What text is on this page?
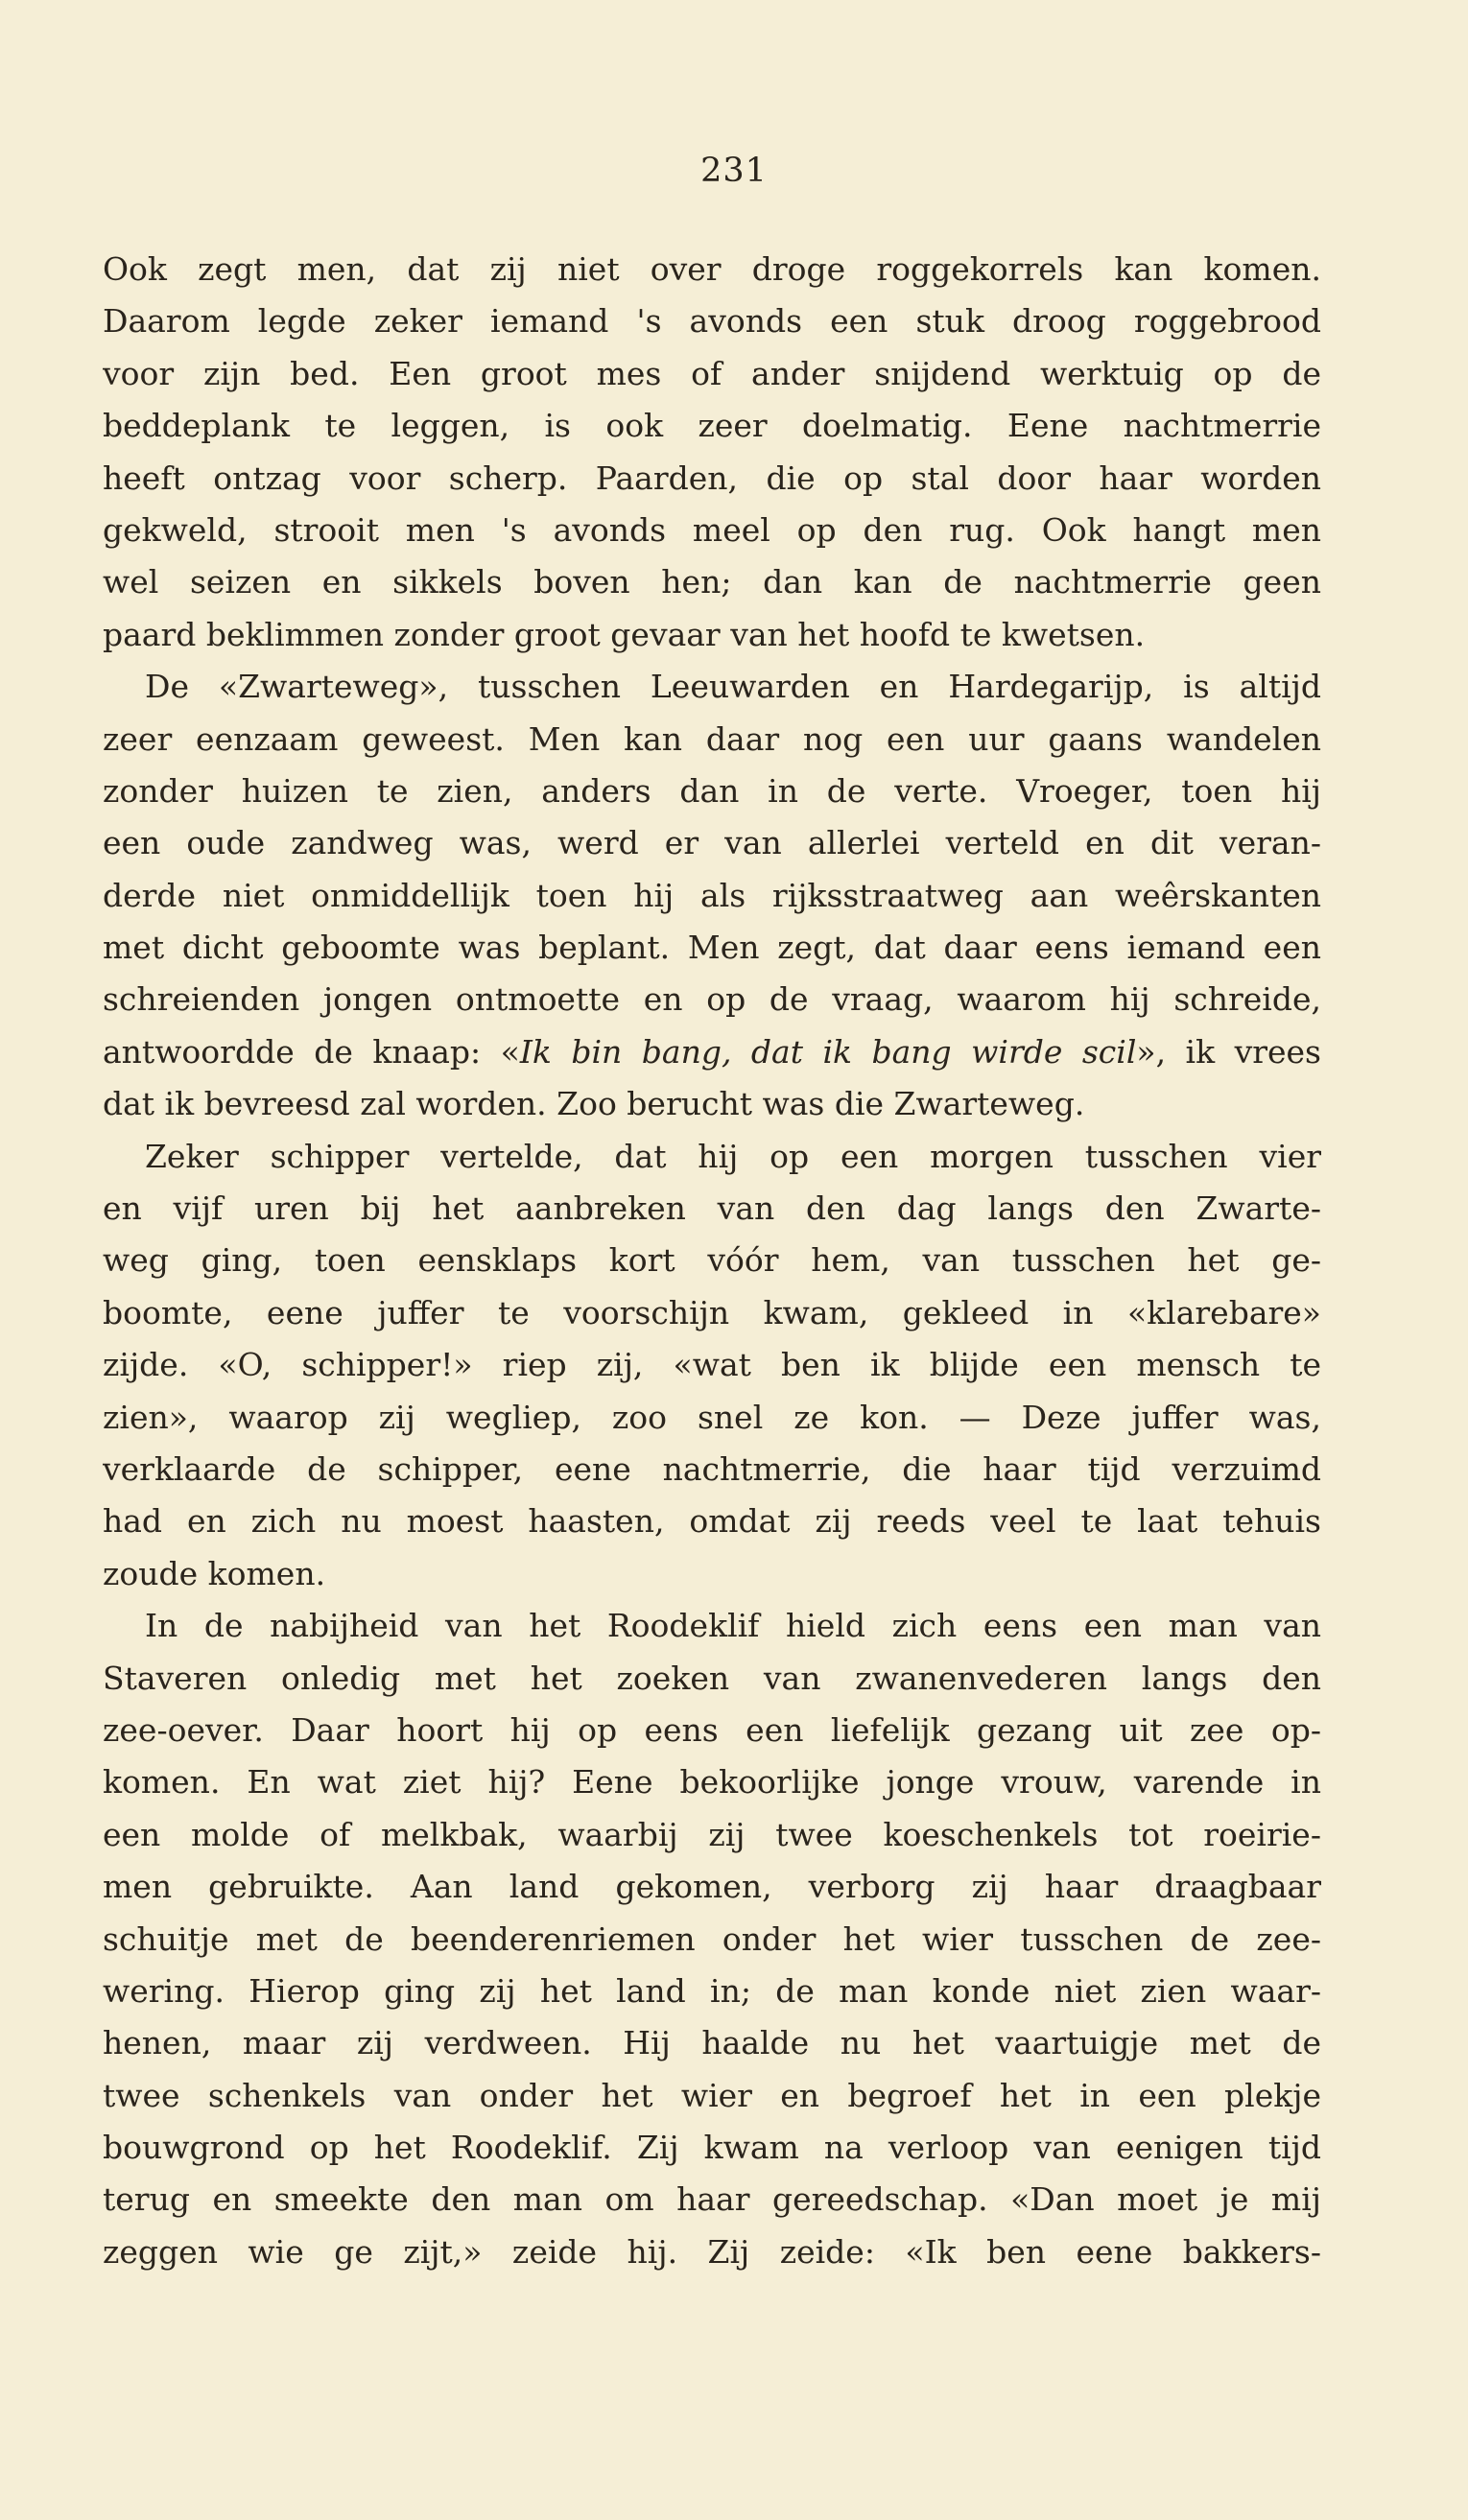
231
Ook zegt men, dat zij niet over droge roggekorrels kan komen.
Daarom legde zeker iemand 's avonds een stuk droog roggebrood
voor zijn bed. Een groot mes of ander snijdend werktuig op de
beddeplank te leggen, is ook zeer doelmatig. Eene nachtmerrie
heeft ontzag voor scherp. Paarden, die op stal door haar worden
gekweld, strooit men 's avonds meel op den rug. Ook hangt men
wel seizen en sikkels boven hen; dan kan de nachtmerrie geen
paard beklimmen zonder groot gevaar van het hoofd te kwetsen.
De «Zwarteweg», tusschen Leeuwarden en Hardegarijp, is altijd
zeer eenzaam geweest. Men kan daar nog een uur gaans wandelen
zonder huizen te zien, anders dan in de verte. Vroeger, toen hij
een oude zandweg was, werd er van allerlei verteld en dit veran-
derde niet onmiddellijk toen hij als rijksstraatweg aan weêrskanten
met dicht geboomte was beplant. Men zegt, dat daar eens iemand een
schreienden jongen ontmoette en op de vraag, waarom hij schreide,
antwoordde de knaap: «Ik bin bang, dat ik bang wirde scil», ik vrees
dat ik bevreesd zal worden. Zoo berucht was die Zwarteweg.
Zeker schipper vertelde, dat hij op een morgen tusschen vier
en vijf uren bij het aanbreken van den dag langs den Zwarte-
weg ging, toen eensklaps kort vóór hem, van tusschen het ge-
boomte, eene juffer te voorschijn kwam, gekleed in «klarebare»
zijde. «O, schipper!» riep zij, «wat ben ik blijde een mensch te
zien», waarop zij wegliep, zoo snel ze kon. — Deze juffer was,
verklaarde de schipper, eene nachtmerrie, die haar tijd verzuimd
had en zich nu moest haasten, omdat zij reeds veel te laat tehuis
zoude komen.
In de nabijheid van het Roodeklif hield zich eens een man van
Staveren onledig met het zoeken van zwanenvederen langs den
zee-oever. Daar hoort hij op eens een liefelijk gezang uit zee op-
komen. En wat ziet hij? Eene bekoorlijke jonge vrouw, varende in
een molde of melkbak, waarbij zij twee koeschenkels tot roeirie-
men gebruikte. Aan land gekomen, verborg zij haar draagbaar
schuitje met de beenderenriemen onder het wier tusschen de zee-
wering. Hierop ging zij het land in; de man konde niet zien waar-
henen, maar zij verdween. Hij haalde nu het vaartuigje met de
twee schenkels van onder het wier en begroef het in een plekje
bouwgrond op het Roodeklif. Zij kwam na verloop van eenigen tijd
terug en smeekte den man om haar gereedschap. «Dan moet je mij
zeggen wie ge zijt,» zeide hij. Zij zeide: «Ik ben eene bakkers-
